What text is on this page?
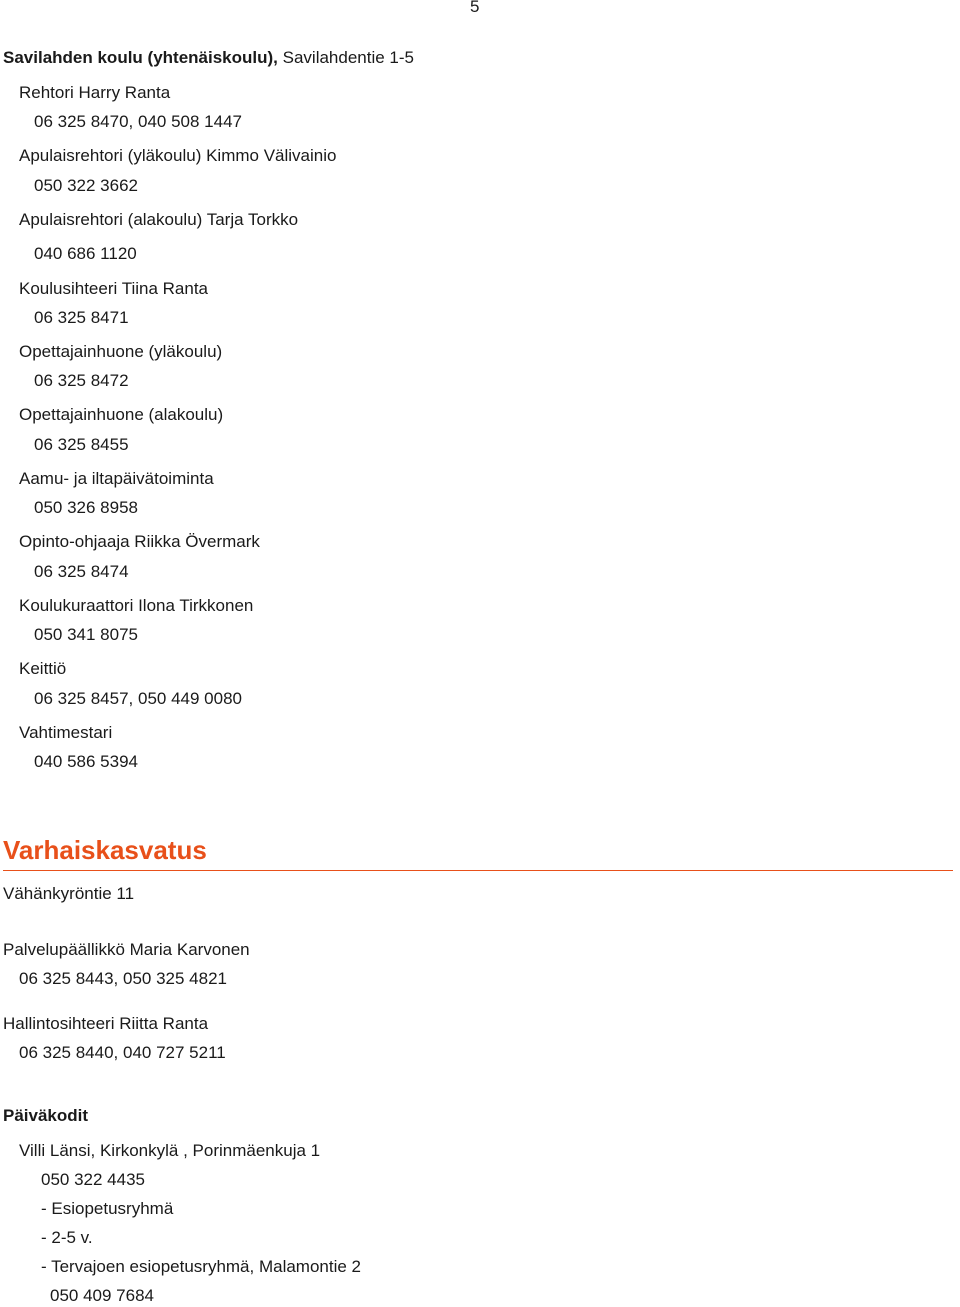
5
Savilahden koulu (yhtenäiskoulu), Savilahdentie 1-5
Rehtori Harry Ranta
06 325 8470, 040 508 1447
Apulaisrehtori (yläkoulu) Kimmo Välivainio
050 322 3662
Apulaisrehtori (alakoulu) Tarja Torkko
040 686 1120
Koulusihteeri Tiina Ranta
06 325 8471
Opettajainhuone (yläkoulu)
06 325 8472
Opettajainhuone (alakoulu)
06 325 8455
Aamu- ja iltapäivätoiminta
050 326 8958
Opinto-ohjaaja Riikka Övermark
06 325 8474
Koulukuraattori Ilona Tirkkonen
050 341 8075
Keittiö
06 325 8457, 050 449 0080
Vahtimestari
040 586 5394
Varhaiskasvatus
Vähänkyröntie 11
Palvelupäällikkö Maria Karvonen
06 325 8443, 050 325 4821
Hallintosihteeri Riitta Ranta
06 325 8440, 040 727 5211
Päiväkodit
Villi Länsi, Kirkonkylä , Porinmäenkuja 1
050 322 4435
- Esiopetusryhmä
- 2-5 v.
- Tervajoen esiopetusryhmä, Malamontie 2
050 409 7684
